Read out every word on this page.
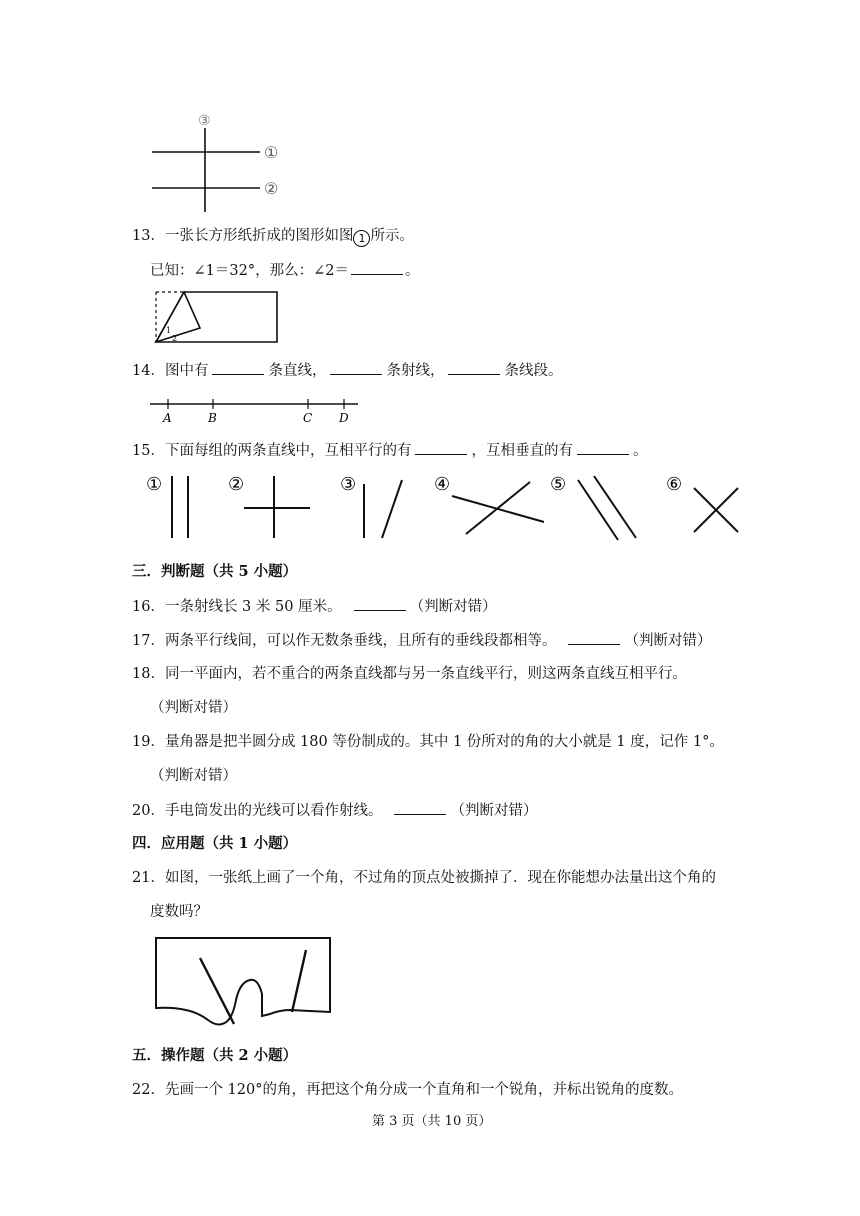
③
①
②
13．一张长方形纸折成的图形如图 1 所示。
已知：∠1＝32°，那么：∠2＝	。
1
2
14．图中有	条直线，	条射线，	条线段。
A	B	C D
15．下面每组的两条直线中，互相平行的有	，互相垂直的有	。
①	②	③	④	⑤	⑥
三．判断题（共 5 小题）
16．一条射线长 3 米 50 厘米。	（判断对错）
17．两条平行线间，可以作无数条垂线，且所有的垂线段都相等。	（判断对错）
18．同一平面内，若不重合的两条直线都与另一条直线平行，则这两条直线互相平行。
（判断对错）
19．量角器是把半圆分成 180 等份制成的。其中 1 份所对的角的大小就是 1 度，记作 1°。
（判断对错）
20．手电筒发出的光线可以看作射线。	（判断对错）
四．应用题（共 1 小题）
21．如图，一张纸上画了一个角，不过角的顶点处被撕掉了．现在你能想办法量出这个角的
度数吗？
五．操作题（共 2 小题）
22．先画一个 120°的角，再把这个角分成一个直角和一个锐角，并标出锐角的度数。
第 3 页（共 10 页）
